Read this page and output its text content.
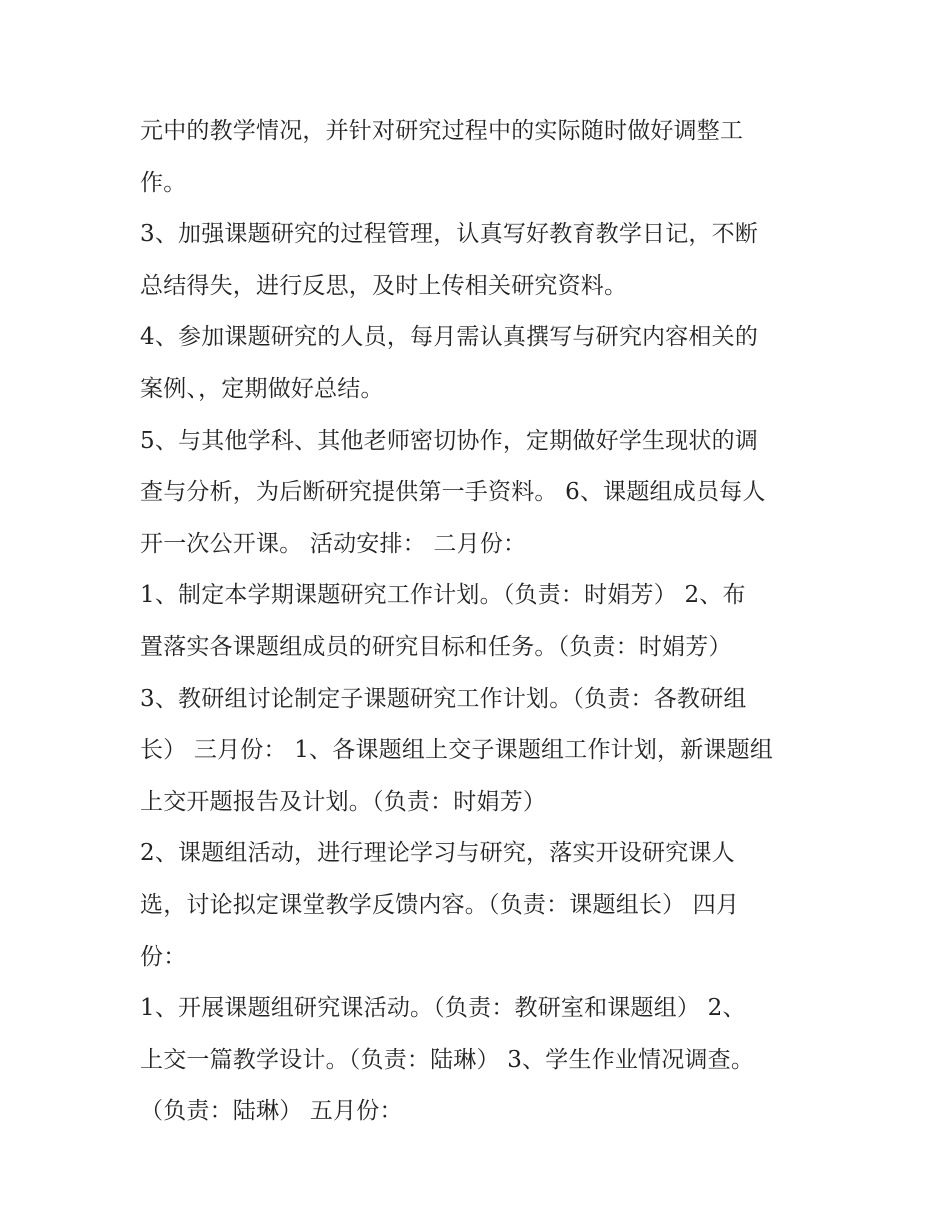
元中的教学情况，并针对研究过程中的实际随时做好调整工
作。
3、加强课题研究的过程管理，认真写好教育教学日记，不断
总结得失，进行反思，及时上传相关研究资料。
4、参加课题研究的人员，每月需认真撰写与研究内容相关的
案例、，定期做好总结。
5、与其他学科、其他老师密切协作，定期做好学生现状的调
查与分析，为后断研究提供第一手资料。 6、课题组成员每人
开一次公开课。 活动安排： 二月份：
1、制定本学期课题研究工作计划。（负责：时娟芳） 2、布
置落实各课题组成员的研究目标和任务。（负责：时娟芳）
3、教研组讨论制定子课题研究工作计划。（负责：各教研组
长） 三月份： 1、各课题组上交子课题组工作计划，新课题组
上交开题报告及计划。（负责：时娟芳）
2、课题组活动，进行理论学习与研究，落实开设研究课人
选，讨论拟定课堂教学反馈内容。（负责：课题组长） 四月
份：
1、开展课题组研究课活动。（负责：教研室和课题组） 2、
上交一篇教学设计。（负责：陆琳） 3、学生作业情况调查。
（负责：陆琳） 五月份：
